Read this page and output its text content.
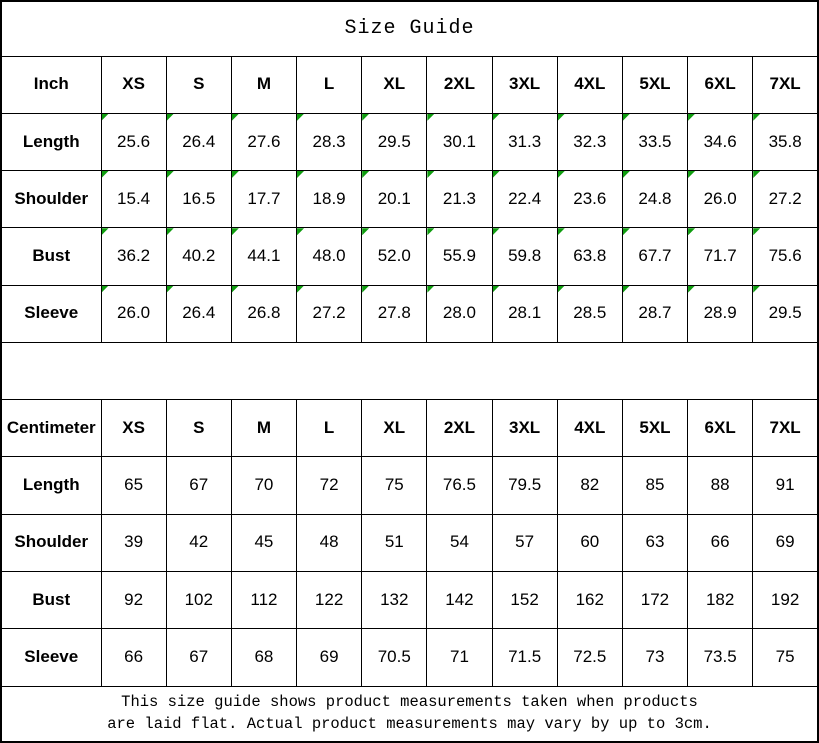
Size Guide											
Inch	XS	S	M	L	XL	2XL	3XL	4XL	5XL	6XL	7XL
Length	25.6	26.4	27.6	28.3	29.5	30.1	31.3	32.3	33.5	34.6	35.8

Shoulder	15.4	16.5	17.7	18.9	20.1	21.3	22.4	23.6	24.8	26.0	27.2

Bust	36.2	40.2	44.1	48.0	52.0	55.9	59.8	63.8	67.7	71.7	75.6

Sleeve	26.0	26.4	26.8	27.2	27.8	28.0	28.1	28.5	28.7	28.9	29.5

Centimeter	XS	S	M	L	XL	2XL	3XL	4XL	5XL	6XL	7XL
Length	65	67	70	72	75	76.5	79.5	82	85	88	91
Shoulder	39	42	45	48	51	54	57	60	63	66	69
Bust	92	102	112	122	132	142	152	162	172	182	192
Sleeve	66	67	68	69	70.5	71	71.5	72.5	73	73.5	75

This size guide shows product measurements taken when products
are laid flat. Actual product measurements may vary by up to 3cm.											
